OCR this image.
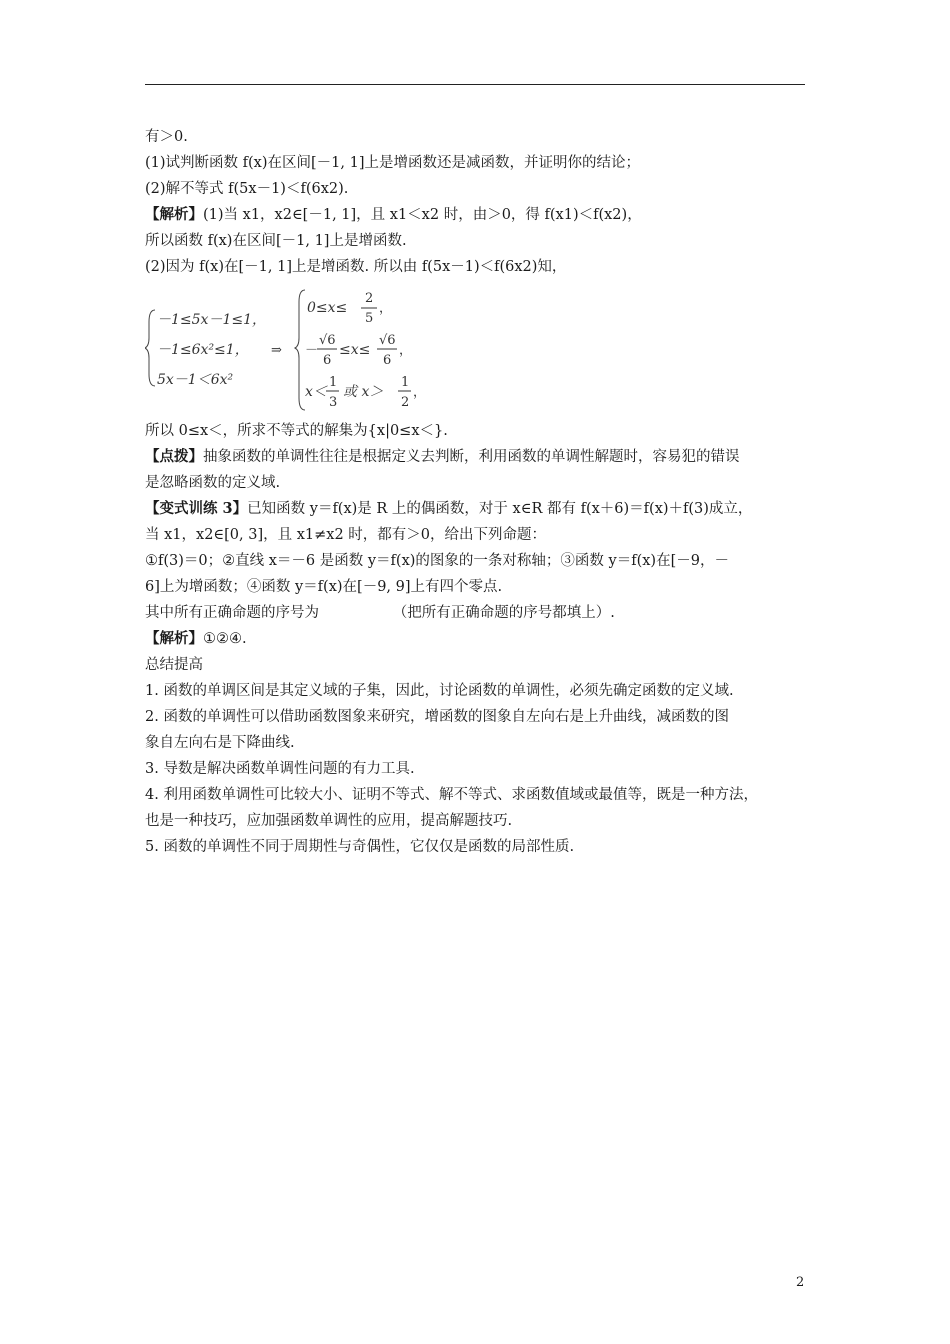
有＞0.
(1)试判断函数 f(x)在区间[－1, 1]上是增函数还是减函数，并证明你的结论；
(2)解不等式 f(5x－1)＜f(6x2).
【解析】(1)当 x1，x2∈[－1, 1]，且 x1＜x2 时，由＞0，得 f(x1)＜f(x2)，
所以函数 f(x)在区间[－1, 1]上是增函数.
(2)因为 f(x)在[－1, 1]上是增函数. 所以由 f(5x－1)＜f(6x2)知，
－1≤5x－1≤1，
－1≤6x²≤1，
5x－1＜6x²
⇒
0≤x≤
2
5
，
－
√6
6
≤x≤
√6
6
，
x＜
1
3
或 x＞
1
2
，
所以 0≤x＜，所求不等式的解集为{x|0≤x＜}.
【点拨】抽象函数的单调性往往是根据定义去判断，利用函数的单调性解题时，容易犯的错误
是忽略函数的定义域.
【变式训练 3】已知函数 y＝f(x)是 R 上的偶函数，对于 x∈R 都有 f(x＋6)＝f(x)＋f(3)成立，
当 x1，x2∈[0, 3]，且 x1≠x2 时，都有＞0，给出下列命题：
①f(3)＝0；②直线 x＝－6 是函数 y＝f(x)的图象的一条对称轴；③函数 y＝f(x)在[－9，－
6]上为增函数；④函数 y＝f(x)在[－9, 9]上有四个零点.
其中所有正确命题的序号为                （把所有正确命题的序号都填上）.
【解析】①②④.
总结提高
1. 函数的单调区间是其定义域的子集，因此，讨论函数的单调性，必须先确定函数的定义域.
2. 函数的单调性可以借助函数图象来研究，增函数的图象自左向右是上升曲线，减函数的图
象自左向右是下降曲线.
3. 导数是解决函数单调性问题的有力工具.
4. 利用函数单调性可比较大小、证明不等式、解不等式、求函数值域或最值等，既是一种方法，
也是一种技巧，应加强函数单调性的应用，提高解题技巧.
5. 函数的单调性不同于周期性与奇偶性，它仅仅是函数的局部性质.
2
